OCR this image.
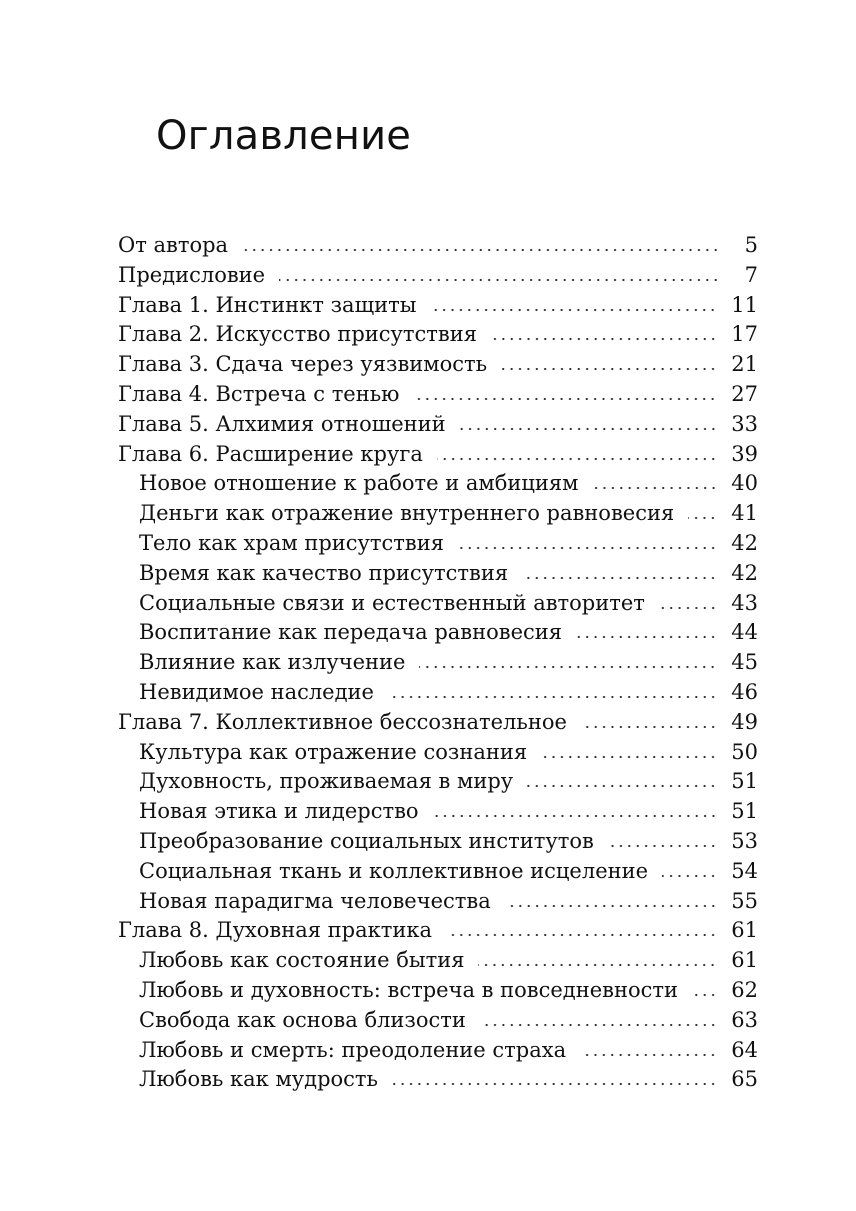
Оглавление
От автора	5
Предисловие	7
Глава 1. Инстинкт защиты	11
Глава 2. Искусство присутствия	17
Глава 3. Сдача через уязвимость	21
Глава 4. Встреча с тенью	27
Глава 5. Алхимия отношений	33
Глава 6. Расширение круга	39
Новое отношение к работе и амбициям	40
Деньги как отражение внутреннего равновесия	41
Тело как храм присутствия	42
Время как качество присутствия	42
Социальные связи и естественный авторитет	43
Воспитание как передача равновесия	44
Влияние как излучение	45
Невидимое наследие	46
Глава 7. Коллективное бессознательное	49
Культура как отражение сознания	50
Духовность, проживаемая в миру	51
Новая этика и лидерство	51
Преобразование социальных институтов	53
Социальная ткань и коллективное исцеление	54
Новая парадигма человечества	55
Глава 8. Духовная практика	61
Любовь как состояние бытия	61
Любовь и духовность: встреча в повседневности	62
Свобода как основа близости	63
Любовь и смерть: преодоление страха	64
Любовь как мудрость	65
